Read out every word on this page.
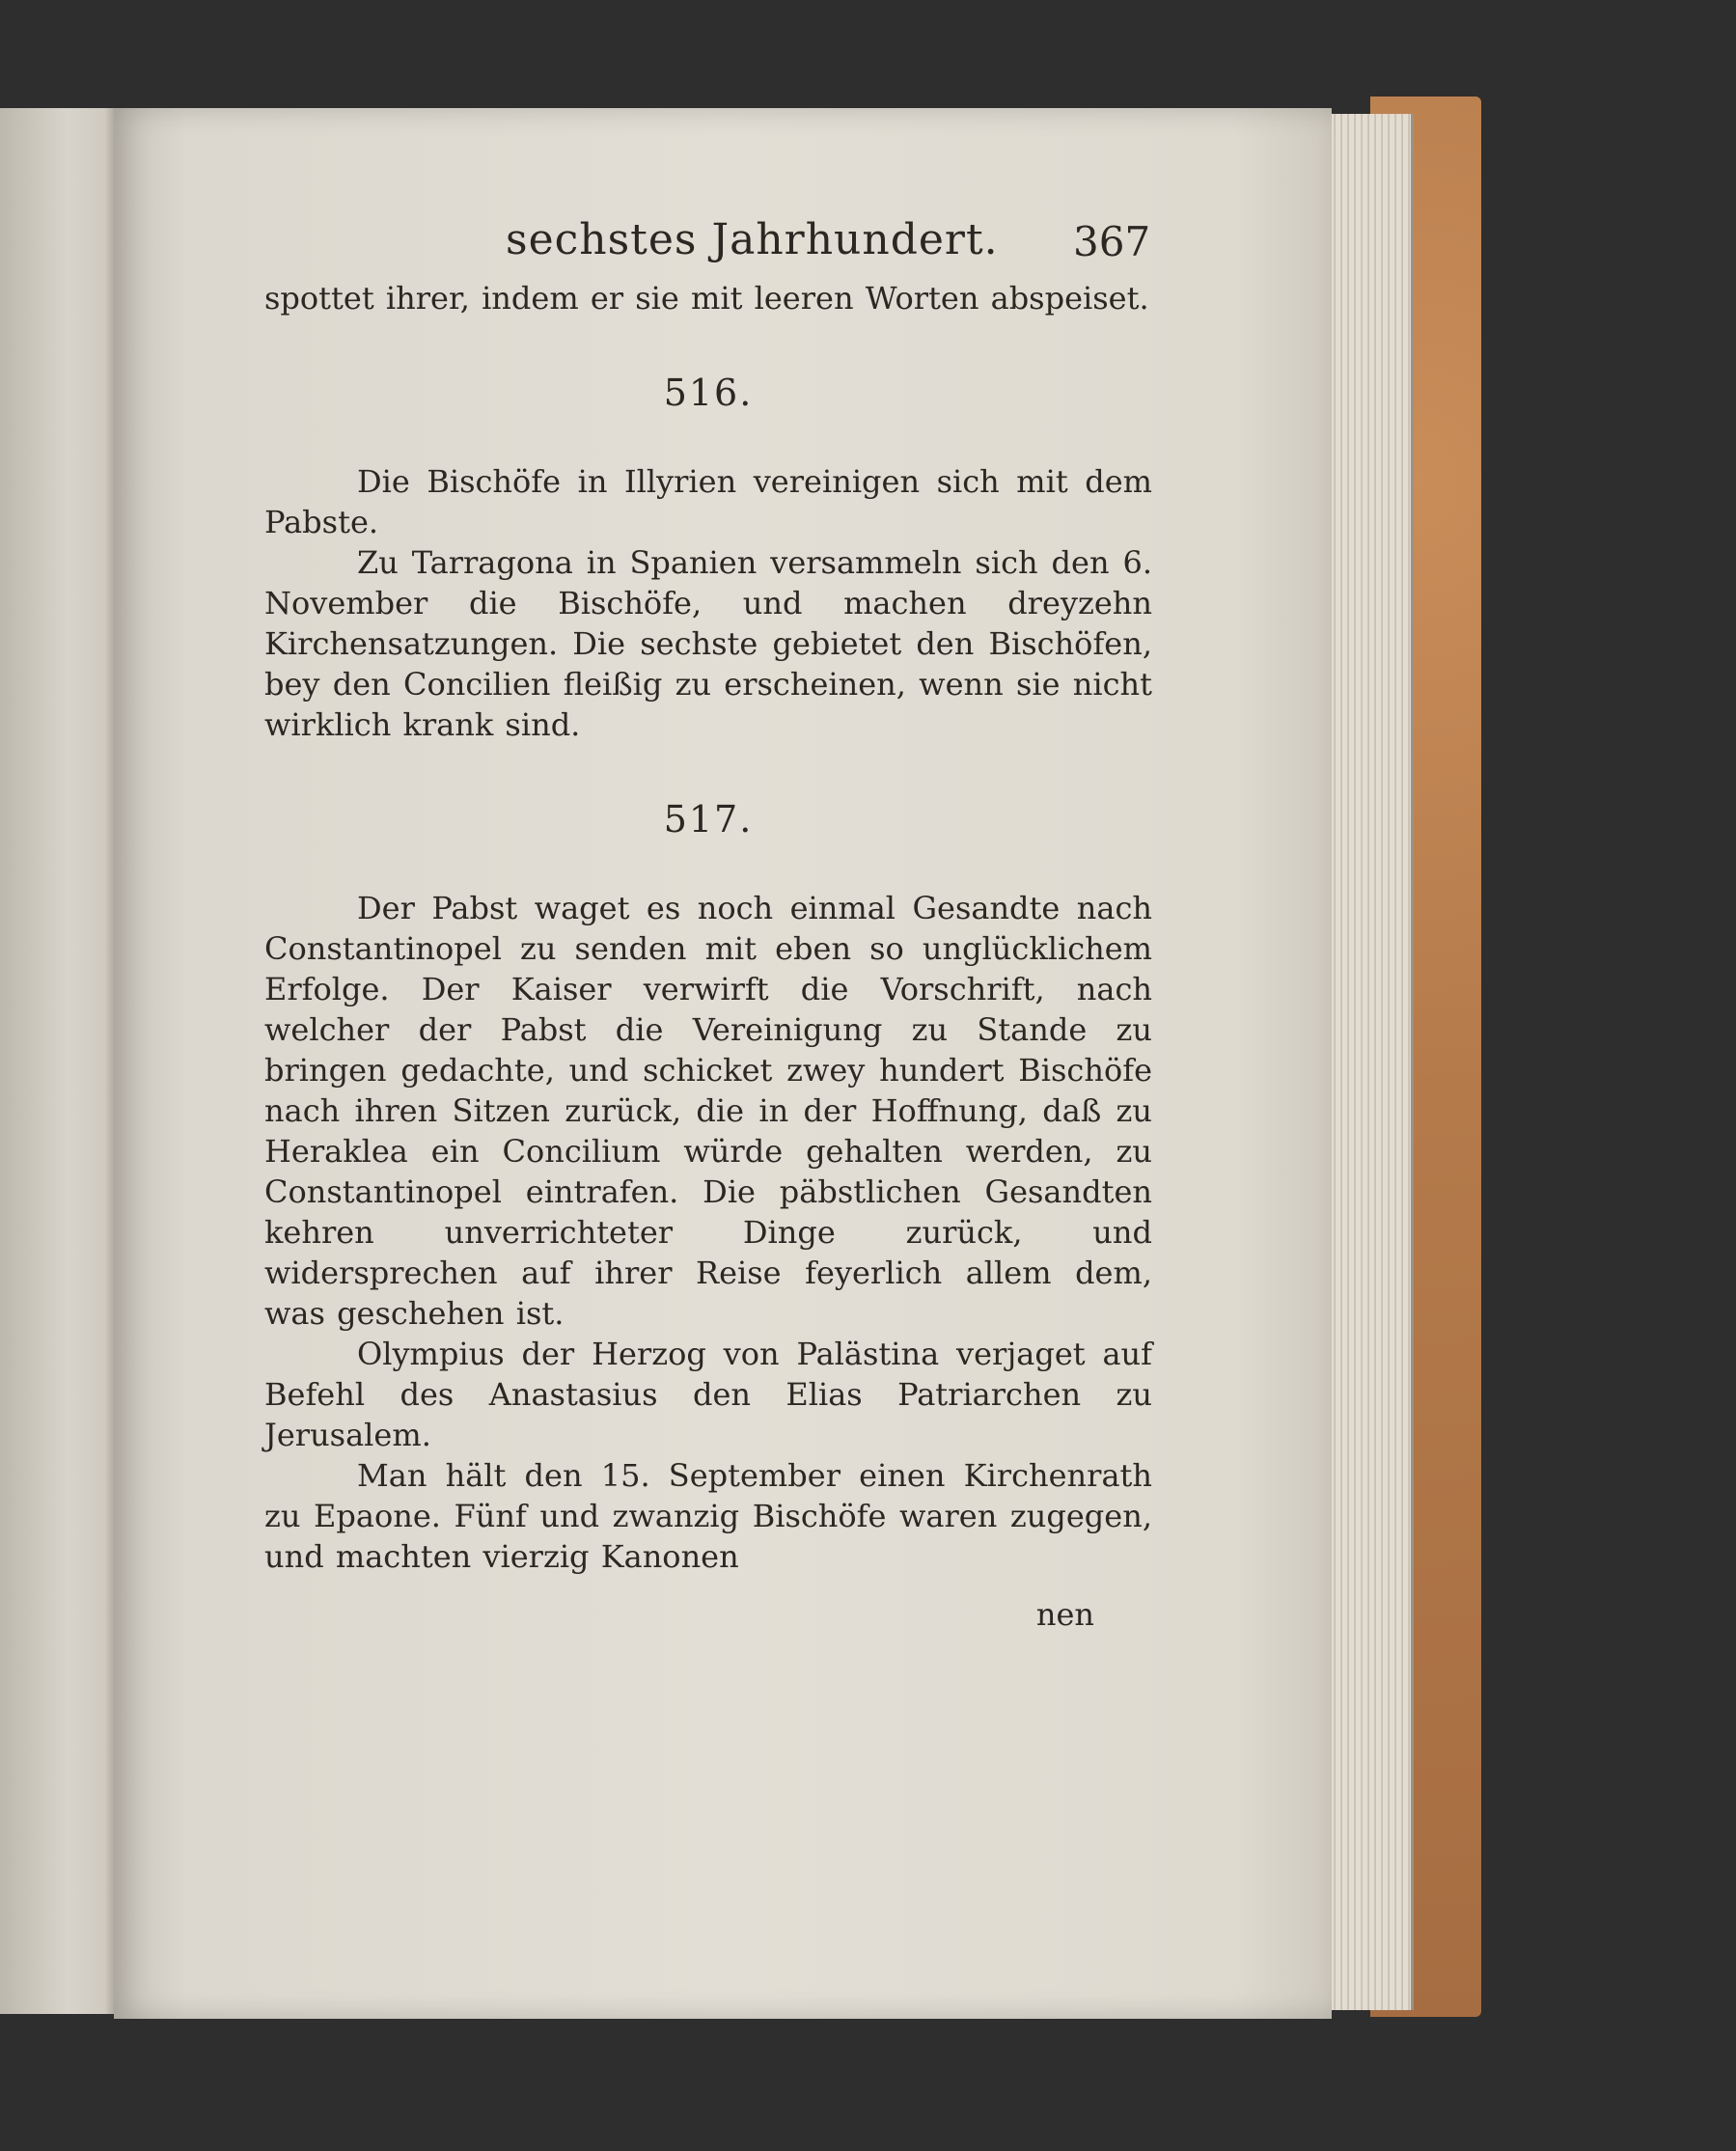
sechstes Jahrhundert. 367

spottet ihrer, indem er sie mit leeren Worten abspeiset.

516.

Die Bischöfe in Illyrien vereinigen sich mit dem Pabste.

Zu Tarragona in Spanien versammeln sich den 6. November die Bischöfe, und machen dreyzehn Kirchensatzungen. Die sechste gebietet den Bischöfen, bey den Concilien fleißig zu erscheinen, wenn sie nicht wirklich krank sind.

517.

Der Pabst waget es noch einmal Gesandte nach Constantinopel zu senden mit eben so unglücklichem Erfolge. Der Kaiser verwirft die Vorschrift, nach welcher der Pabst die Vereinigung zu Stande zu bringen gedachte, und schicket zwey hundert Bischöfe nach ihren Sitzen zurück, die in der Hoffnung, daß zu Heraklea ein Concilium würde gehalten werden, zu Constantinopel eintrafen. Die päbstlichen Gesandten kehren unverrichteter Dinge zurück, und widersprechen auf ihrer Reise feyerlich allem dem, was geschehen ist.

Olympius der Herzog von Palästina verjaget auf Befehl des Anastasius den Elias Patriarchen zu Jerusalem.

Man hält den 15. September einen Kirchenrath zu Epaone. Fünf und zwanzig Bischöfe waren zugegen, und machten vierzig Kanonen

nen
